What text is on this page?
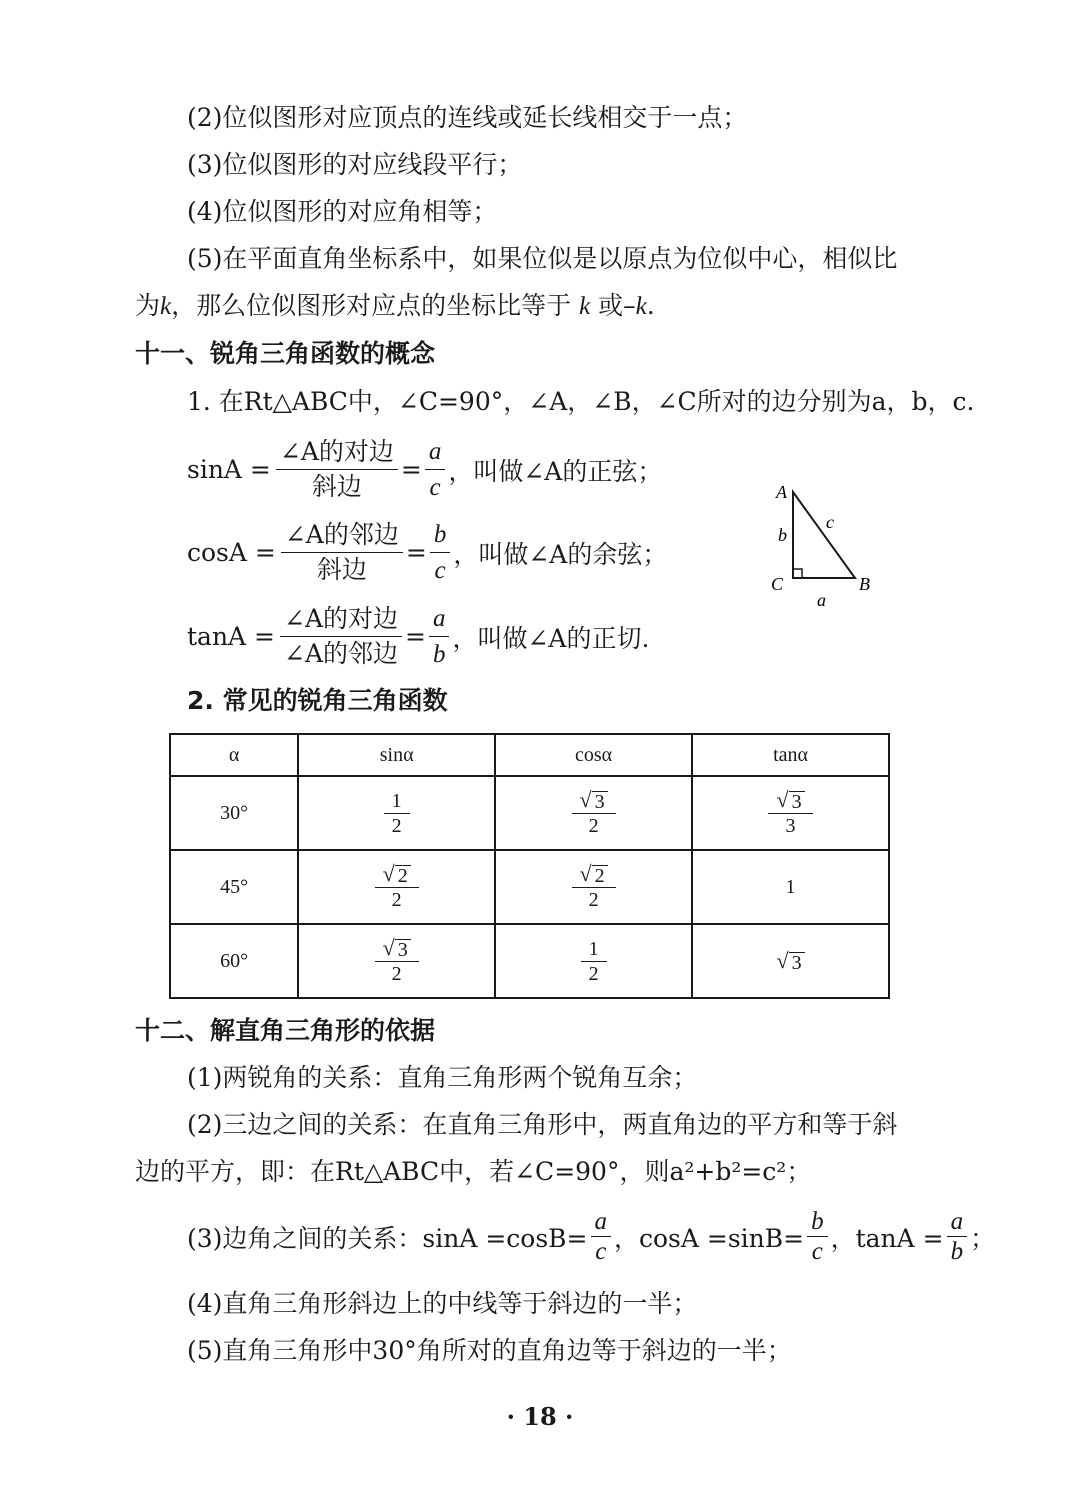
(2)位似图形对应顶点的连线或延长线相交于一点；
(3)位似图形的对应线段平行；
(4)位似图形的对应角相等；
(5)在平面直角坐标系中，如果位似是以原点为位似中心，相似比
为k，那么位似图形对应点的坐标比等于 k 或–k.
十一、锐角三角函数的概念
1. 在Rt△ABC中，∠C=90°，∠A，∠B，∠C所对的边分别为a，b，c.
$\sin A = \frac{\text{∠A的对边}}{\text{斜边}} = \frac{a}{c}$ ，叫做∠A的正弦；
$\cos A = \frac{\text{∠A的邻边}}{\text{斜边}} = \frac{b}{c}$ ，叫做∠A的余弦；
$\tan A = \frac{\text{∠A的对边}}{\text{∠A的邻边}} = \frac{a}{b}$ ，叫做∠A的正切.
A
C	B
b
c
a
2. 常见的锐角三角函数
α	sinα	cosα	tanα
30°	$\frac{1}{2}$	$\frac{√ 3}{2}$	$\frac{√ 3}{3}$

45°	$\frac{√ 2}{2}$	$\frac{√ 2}{2}$	1
60°	$\frac{√ 3}{2}$	$\frac{1}{2}$	√ 3
十二、解直角三角形的依据
(1)两锐角的关系：直角三角形两个锐角互余；
(2)三边之间的关系：在直角三角形中，两直角边的平方和等于斜
边的平方，即：在Rt△ABC中，若∠C=90°，则a²+b²=c²；
(3)边角之间的关系：$\sin A =\cos B= \frac{a}{c}$ ，$\cos A =\sin B= \frac{b}{c}$ ，$\tan A = \frac{a}{b}$ ；
(4)直角三角形斜边上的中线等于斜边的一半；
(5)直角三角形中30°角所对的直角边等于斜边的一半；
· 18 ·
